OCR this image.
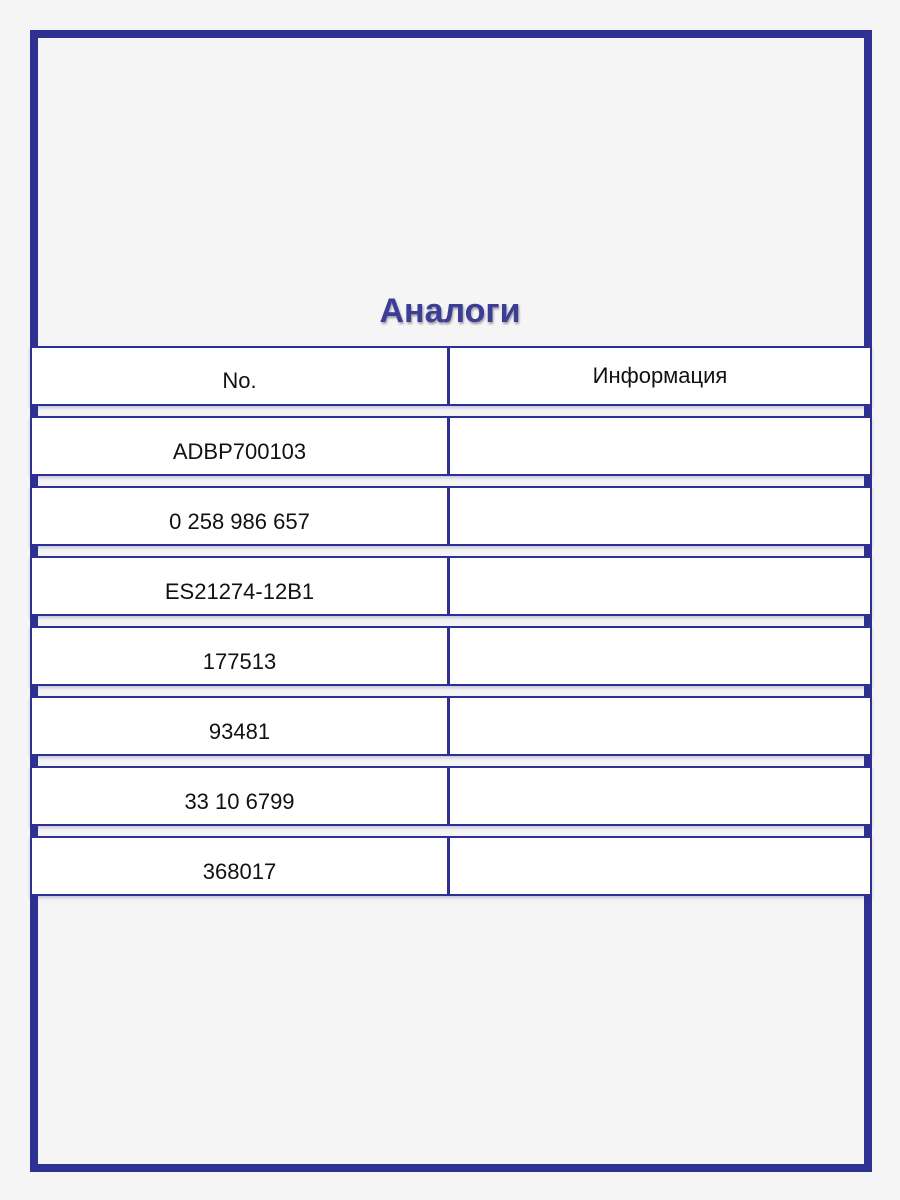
Аналоги
No.	Информация
ADBP700103
0 258 986 657
ES21274-12B1
177513
93481
33 10 6799
368017
